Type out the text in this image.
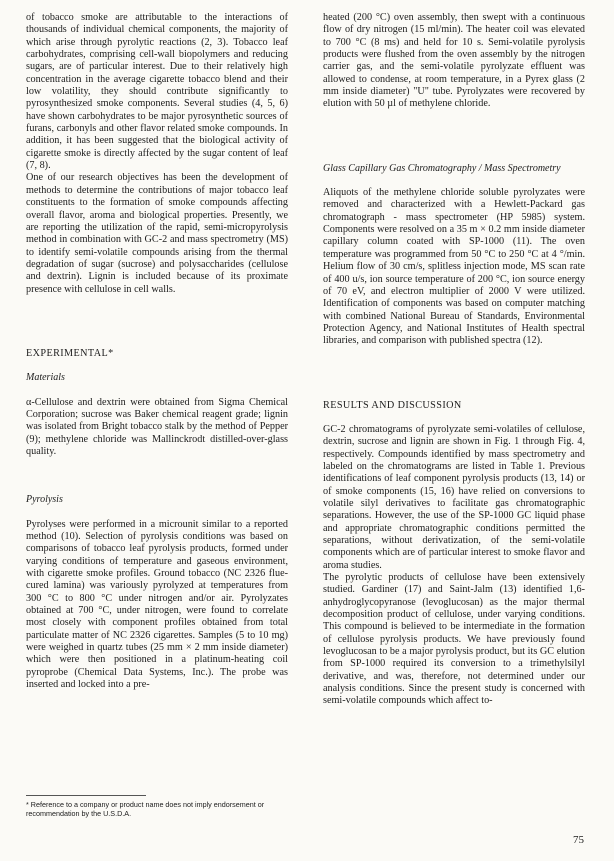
of tobacco smoke are attributable to the interactions of thousands of individual chemical components, the majority of which arise through pyrolytic reactions (2, 3). Tobacco leaf carbohydrates, comprising cell-wall biopolymers and reducing sugars, are of particular interest. Due to their relatively high concentration in the average cigarette tobacco blend and their low volatility, they should contribute significantly to pyrosynthesized smoke components. Several studies (4, 5, 6) have shown carbohydrates to be major pyrosynthetic sources of furans, carbonyls and other flavor related smoke compounds. In addition, it has been suggested that the biological activity of cigarette smoke is directly affected by the sugar content of leaf (7, 8).

One of our research objectives has been the development of methods to determine the contributions of major tobacco leaf constituents to the formation of smoke compounds affecting overall flavor, aroma and biological properties. Presently, we are reporting the utilization of the rapid, semi-micropyrolysis method in combination with GC-2 and mass spectrometry (MS) to identify semi-volatile compounds arising from the thermal degradation of sugar (sucrose) and polysaccharides (cellulose and dextrin). Lignin is included because of its proximate presence with cellulose in cell walls.

EXPERIMENTAL*
Materials

α-Cellulose and dextrin were obtained from Sigma Chemical Corporation; sucrose was Baker chemical reagent grade; lignin was isolated from Bright tobacco stalk by the method of Pepper (9); methylene chloride was Mallinckrodt distilled-over-glass quality.

Pyrolysis

Pyrolyses were performed in a microunit similar to a reported method (10). Selection of pyrolysis conditions was based on comparisons of tobacco leaf pyrolysis products, formed under varying conditions of temperature and gaseous environment, with cigarette smoke profiles. Ground tobacco (NC 2326 flue-cured lamina) was variously pyrolyzed at temperatures from 300 °C to 800 °C under nitrogen and/or air. Pyrolyzates obtained at 700 °C, under nitrogen, were found to correlate most closely with component profiles obtained from total particulate matter of NC 2326 cigarettes. Samples (5 to 10 mg) were weighed in quartz tubes (25 mm × 2 mm inside diameter) which were then positioned in a platinum-heating coil pyroprobe (Chemical Data Systems, Inc.). The probe was inserted and locked into a pre-

heated (200 °C) oven assembly, then swept with a continuous flow of dry nitrogen (15 ml/min). The heater coil was elevated to 700 °C (8 ms) and held for 10 s. Semi-volatile pyrolysis products were flushed from the oven assembly by the nitrogen carrier gas, and the semi-volatile pyrolyzate effluent was allowed to condense, at room temperature, in a Pyrex glass (2 mm inside diameter) "U" tube. Pyrolyzates were recovered by elution with 50 µl of methylene chloride.

Glass Capillary Gas Chromatography / Mass Spectrometry

Aliquots of the methylene chloride soluble pyrolyzates were removed and characterized with a Hewlett-Packard gas chromatograph - mass spectrometer (HP 5985) system. Components were resolved on a 35 m × 0.2 mm inside diameter capillary column coated with SP-1000 (11). The oven temperature was programmed from 50 °C to 250 °C at 4 °/min. Helium flow of 30 cm/s, splitless injection mode, MS scan rate of 400 u/s, ion source temperature of 200 °C, ion source energy of 70 eV, and electron multiplier of 2000 V were utilized. Identification of components was based on computer matching with combined National Bureau of Standards, Environmental Protection Agency, and National Institutes of Health spectral libraries, and comparison with published spectra (12).

RESULTS AND DISCUSSION

GC-2 chromatograms of pyrolyzate semi-volatiles of cellulose, dextrin, sucrose and lignin are shown in Fig. 1 through Fig. 4, respectively. Compounds identified by mass spectrometry and labeled on the chromatograms are listed in Table 1. Previous identifications of leaf component pyrolysis products (13, 14) or of smoke components (15, 16) have relied on conversions to volatile silyl derivatives to facilitate gas chromatographic separations. However, the use of the SP-1000 GC liquid phase and appropriate chromatographic conditions permitted the separations, without derivatization, of the semi-volatile components which are of particular interest to smoke flavor and aroma studies.

The pyrolytic products of cellulose have been extensively studied. Gardiner (17) and Saint-Jalm (13) identified 1,6-anhydroglycopyranose (levoglucosan) as the major thermal decomposition product of cellulose, under varying conditions. This compound is believed to be intermediate in the formation of cellulose pyrolysis products. We have previously found levoglucosan to be a major pyrolysis product, but its GC elution from SP-1000 required its conversion to a trimethylsilyl derivative, and was, therefore, not determined under our analysis conditions. Since the present study is concerned with semi-volatile compounds which affect to-

* Reference to a company or product name does not imply endorsement or recommendation by the U.S.D.A.
75
